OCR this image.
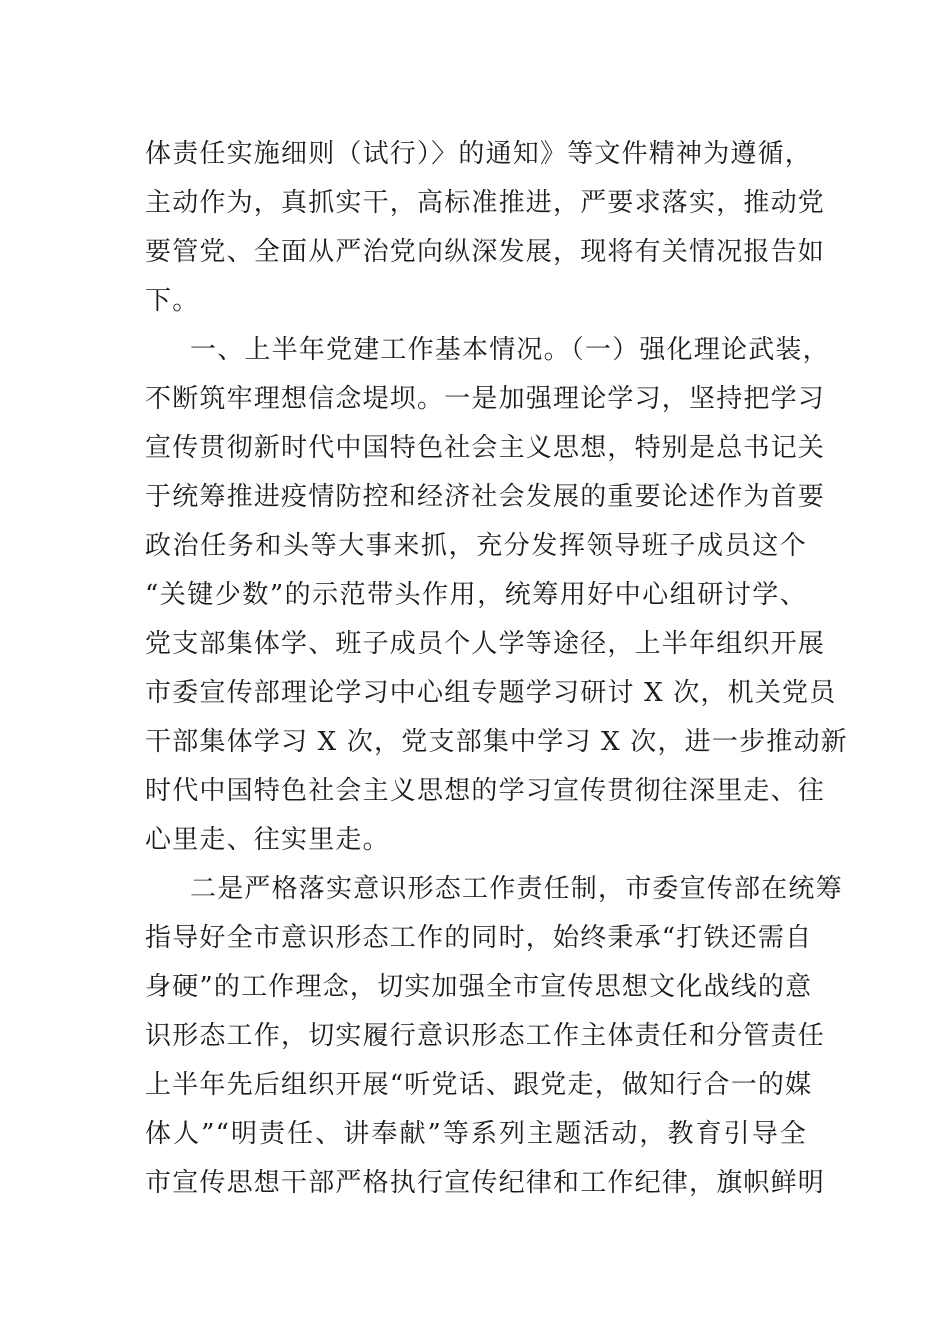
体责任实施细则（试行）〉的通知》等文件精神为遵循，
主动作为，真抓实干，高标准推进，严要求落实，推动党
要管党、全面从严治党向纵深发展，现将有关情况报告如
下。
一、上半年党建工作基本情况。（一）强化理论武装，
不断筑牢理想信念堤坝。一是加强理论学习，坚持把学习
宣传贯彻新时代中国特色社会主义思想，特别是总书记关
于统筹推进疫情防控和经济社会发展的重要论述作为首要
政治任务和头等大事来抓，充分发挥领导班子成员这个
“关键少数”的示范带头作用，统筹用好中心组研讨学、
党支部集体学、班子成员个人学等途径，上半年组织开展
市委宣传部理论学习中心组专题学习研讨 X 次，机关党员
干部集体学习 X 次，党支部集中学习 X 次，进一步推动新
时代中国特色社会主义思想的学习宣传贯彻往深里走、往
心里走、往实里走。
二是严格落实意识形态工作责任制，市委宣传部在统筹
指导好全市意识形态工作的同时，始终秉承“打铁还需自
身硬”的工作理念，切实加强全市宣传思想文化战线的意
识形态工作，切实履行意识形态工作主体责任和分管责任
上半年先后组织开展“听党话、跟党走，做知行合一的媒
体人”“明责任、讲奉献”等系列主题活动，教育引导全
市宣传思想干部严格执行宣传纪律和工作纪律，旗帜鲜明
